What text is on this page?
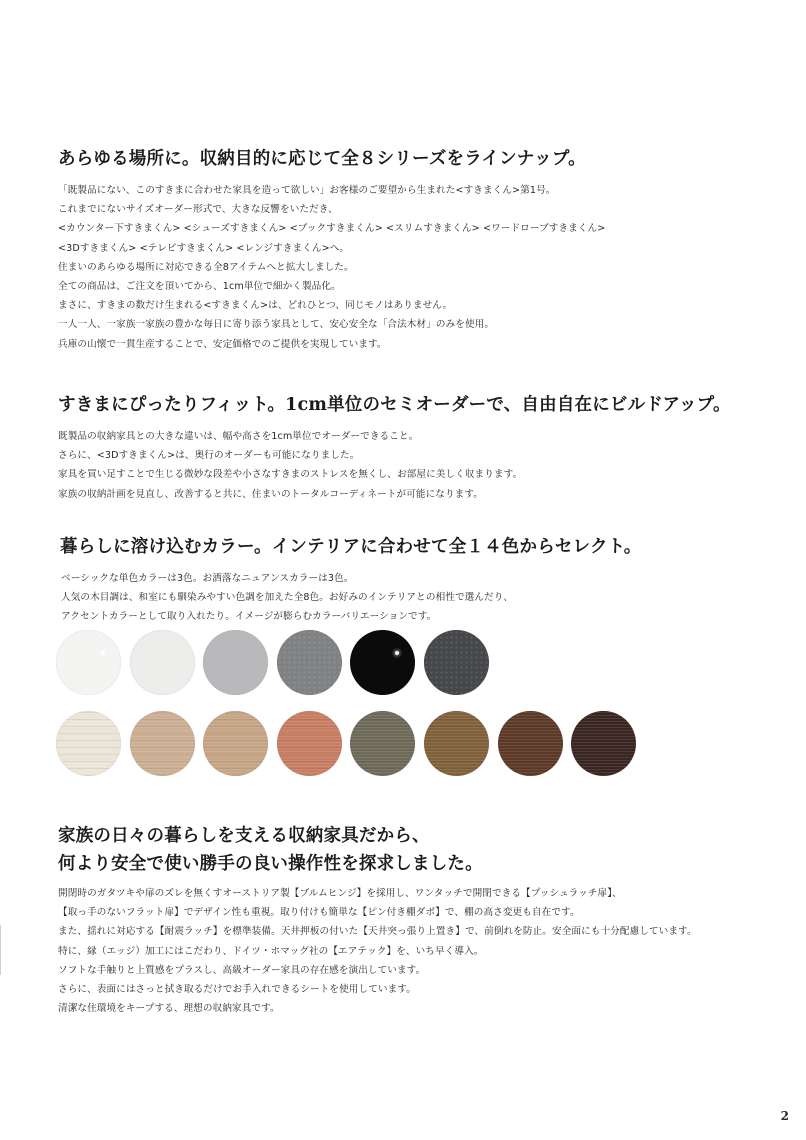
あらゆる場所に。収納目的に応じて全８シリーズをラインナップ。
「既製品にない、このすきまに合わせた家具を造って欲しい」お客様のご要望から生まれた<すきまくん>第1号。
これまでにないサイズオーダー形式で、大きな反響をいただき、
<カウンター下すきまくん> <シューズすきまくん> <ブックすきまくん> <スリムすきまくん> <ワードローブすきまくん>
<3Dすきまくん> <テレビすきまくん> <レンジすきまくん>へ。
住まいのあらゆる場所に対応できる全8アイテムへと拡大しました。
全ての商品は、ご注文を頂いてから、1cm単位で細かく製品化。
まさに、すきまの数だけ生まれる<すきまくん>は、どれひとつ、同じモノはありません。
一人一人、一家族一家族の豊かな毎日に寄り添う家具として、安心安全な「合法木材」のみを使用。
兵庫の山懐で一貫生産することで、安定価格でのご提供を実現しています。
すきまにぴったりフィット。1cm単位のセミオーダーで、自由自在にビルドアップ。
既製品の収納家具との大きな違いは、幅や高さを1cm単位でオーダーできること。
さらに、<3Dすきまくん>は、奥行のオーダーも可能になりました。
家具を買い足すことで生じる微妙な段差や小さなすきまのストレスを無くし、お部屋に美しく収まります。
家族の収納計画を見直し、改善すると共に、住まいのトータルコーディネートが可能になります。
暮らしに溶け込むカラー。インテリアに合わせて全１４色からセレクト。
ベーシックな単色カラーは3色。お洒落なニュアンスカラーは3色。
人気の木目調は、和室にも馴染みやすい色調を加えた全8色。お好みのインテリアとの相性で選んだり、
アクセントカラーとして取り入れたり。イメージが膨らむカラーバリエーションです。
家族の日々の暮らしを支える収納家具だから、
何より安全で使い勝手の良い操作性を探求しました。
開閉時のガタツキや扉のズレを無くすオーストリア製【ブルムヒンジ】を採用し、ワンタッチで開閉できる【プッシュラッチ扉】、
【取っ手のないフラット扉】でデザイン性も重視。取り付けも簡単な【ピン付き棚ダボ】で、棚の高さ変更も自在です。
また、揺れに対応する【耐震ラッチ】を標準装備。天井押板の付いた【天井突っ張り上置き】で、前倒れを防止。安全面にも十分配慮しています。
特に、縁（エッジ）加工にはこだわり、ドイツ・ホマッグ社の【エアテック】を、いち早く導入。
ソフトな手触りと上質感をプラスし、高級オーダー家具の存在感を演出しています。
さらに、表面にはさっと拭き取るだけでお手入れできるシートを使用しています。
清潔な住環境をキープする、理想の収納家具です。
2
